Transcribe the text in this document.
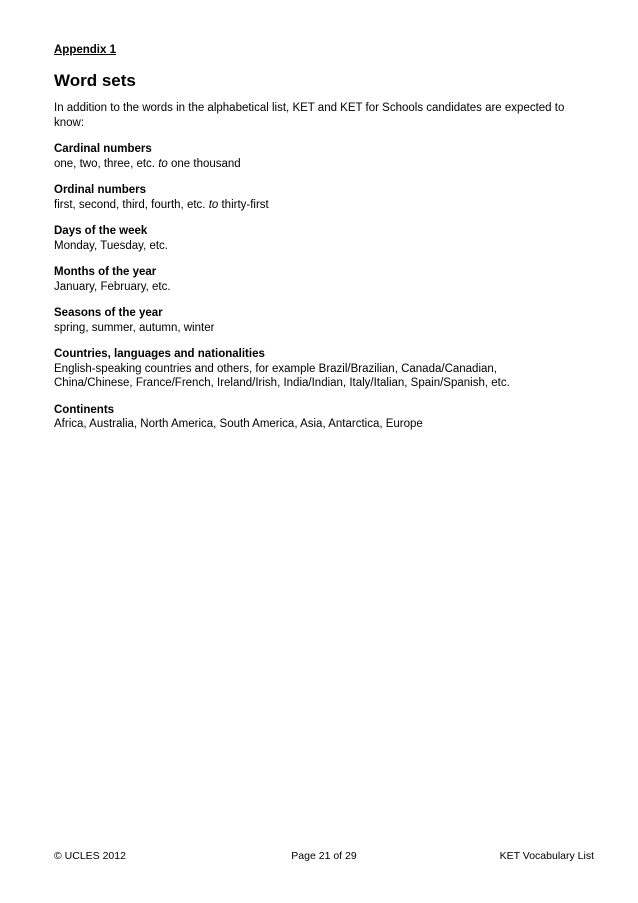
Appendix 1

Word sets

In addition to the words in the alphabetical list, KET and KET for Schools candidates are expected to know:

Cardinal numbers

one, two, three, etc. to one thousand

Ordinal numbers

first, second, third, fourth, etc. to thirty-first

Days of the week

Monday, Tuesday, etc.

Months of the year

January, February, etc.

Seasons of the year

spring, summer, autumn, winter

Countries, languages and nationalities

English-speaking countries and others, for example Brazil/Brazilian, Canada/Canadian,

China/Chinese, France/French, Ireland/Irish, India/Indian, Italy/Italian, Spain/Spanish, etc.

Continents

Africa, Australia, North America, South America, Asia, Antarctica, Europe

© UCLES 2012	Page 21 of 29	KET Vocabulary List
